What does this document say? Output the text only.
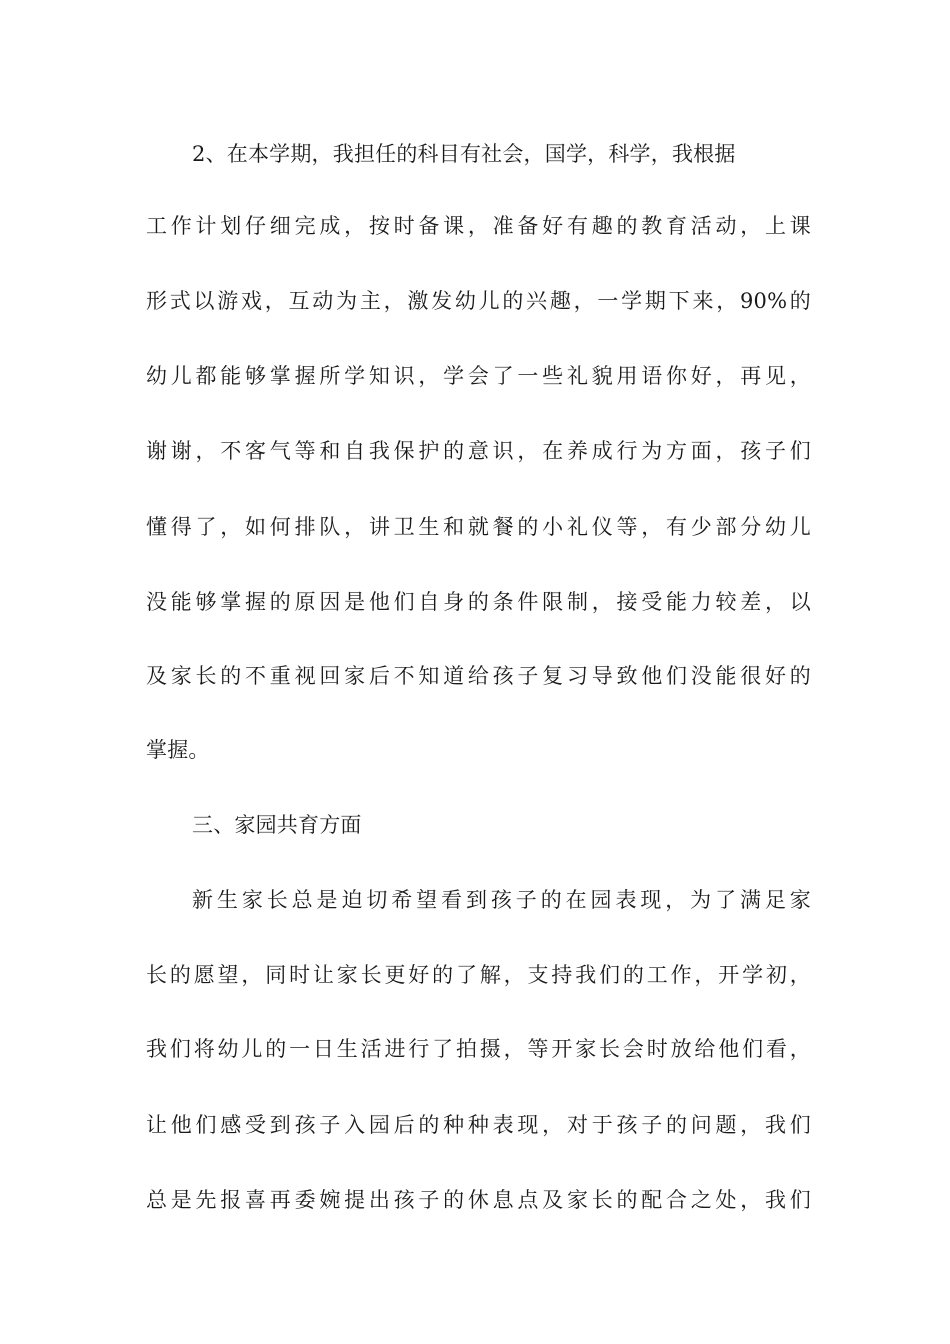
2、在本学期，我担任的科目有社会，国学，科学，我根据
工作计划仔细完成，按时备课，准备好有趣的教育活动，上课
形式以游戏，互动为主，激发幼儿的兴趣，一学期下来，90%的
幼儿都能够掌握所学知识，学会了一些礼貌用语你好，再见，
谢谢，不客气等和自我保护的意识，在养成行为方面，孩子们
懂得了，如何排队，讲卫生和就餐的小礼仪等，有少部分幼儿
没能够掌握的原因是他们自身的条件限制，接受能力较差，以
及家长的不重视回家后不知道给孩子复习导致他们没能很好的
掌握。
三、家园共育方面
新生家长总是迫切希望看到孩子的在园表现，为了满足家
长的愿望，同时让家长更好的了解，支持我们的工作，开学初，
我们将幼儿的一日生活进行了拍摄，等开家长会时放给他们看，
让他们感受到孩子入园后的种种表现，对于孩子的问题，我们
总是先报喜再委婉提出孩子的休息点及家长的配合之处，我们
